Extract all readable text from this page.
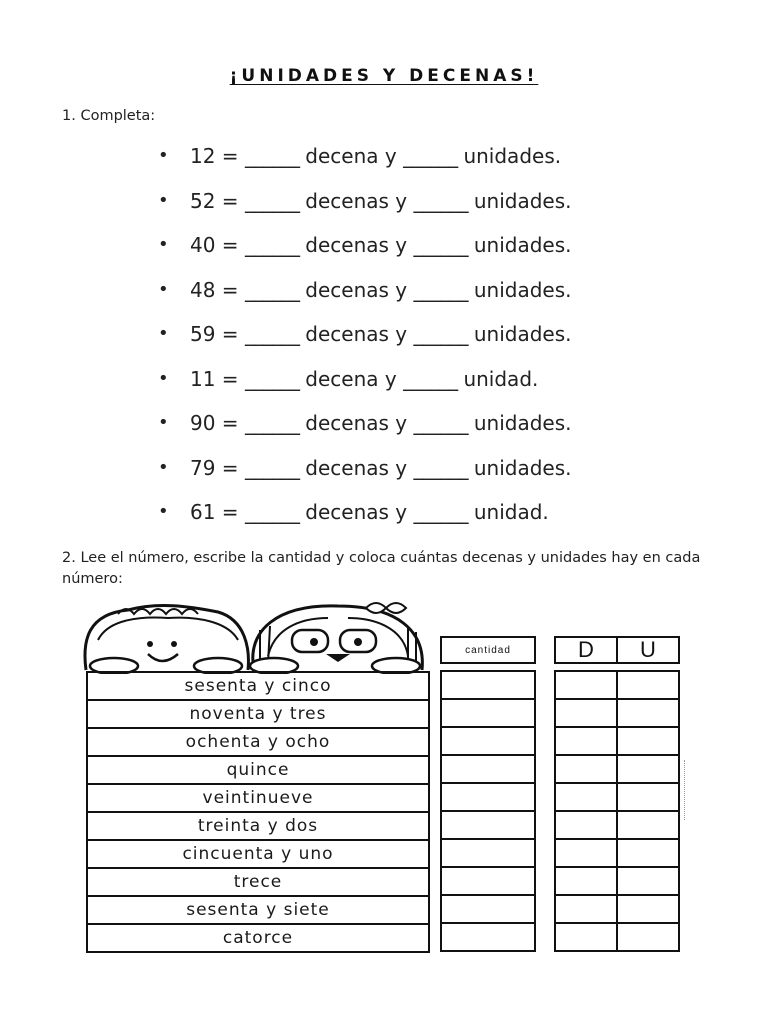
¡UNIDADES Y DECENAS!
1. Completa:
• 12 = ______ decena y ______ unidades.
• 52 = ______ decenas y ______ unidades.
• 40 = ______ decenas y ______ unidades.
• 48 = ______ decenas y ______ unidades.
• 59 = ______ decenas y ______ unidades.
• 11 = ______ decena y ______ unidad.
• 90 = ______ decenas y ______ unidades.
• 79 = ______ decenas y ______ unidades.
• 61 = ______ decenas y ______ unidad.
2. Lee el número, escribe la cantidad y coloca cuántas decenas y unidades hay en cada número:
sesenta y cinco
noventa y tres
ochenta y ocho
quince
veintinueve
treinta y dos
cincuenta y uno
trece
sesenta y siete
catorce
cantidad	D	U
